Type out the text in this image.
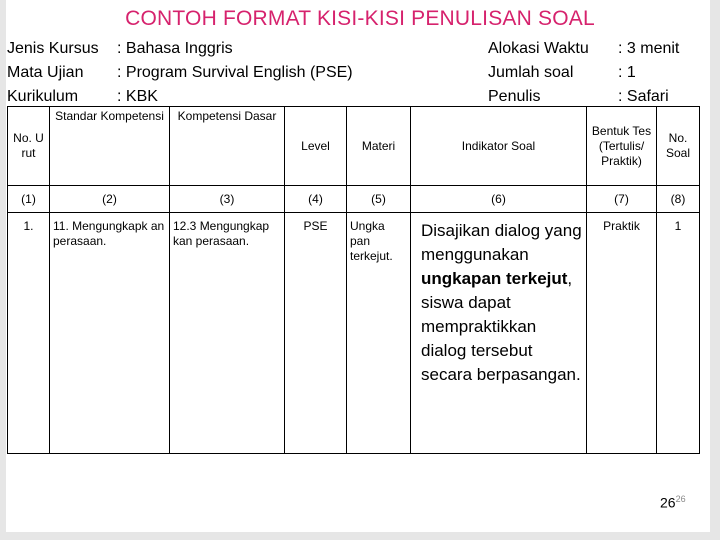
CONTOH FORMAT KISI-KISI PENULISAN SOAL
Jenis Kursus : Bahasa Inggris
Mata Ujian : Program Survival English (PSE)
Kurikulum : KBK
Alokasi Waktu : 3 menit
Jumlah soal	: 1
Penulis	: Safari
No. U rut	Standar Kompetensi	Kompetensi Dasar	Level	Materi	Indikator Soal	Bentuk Tes (Tertulis/ Praktik)	No. Soal
(1)	(2)	(3)	(4)	(5)	(6)	(7)	(8)
1.	11. Mengungkapk an perasaan.	12.3 Mengungkap kan perasaan.	PSE	Ungka pan terkejut.	Disajikan dialog yang menggunakan ungkapan terkejut, siswa dapat mempraktikkan dialog tersebut secara berpasangan.	Praktik	1
$26^{26}$
